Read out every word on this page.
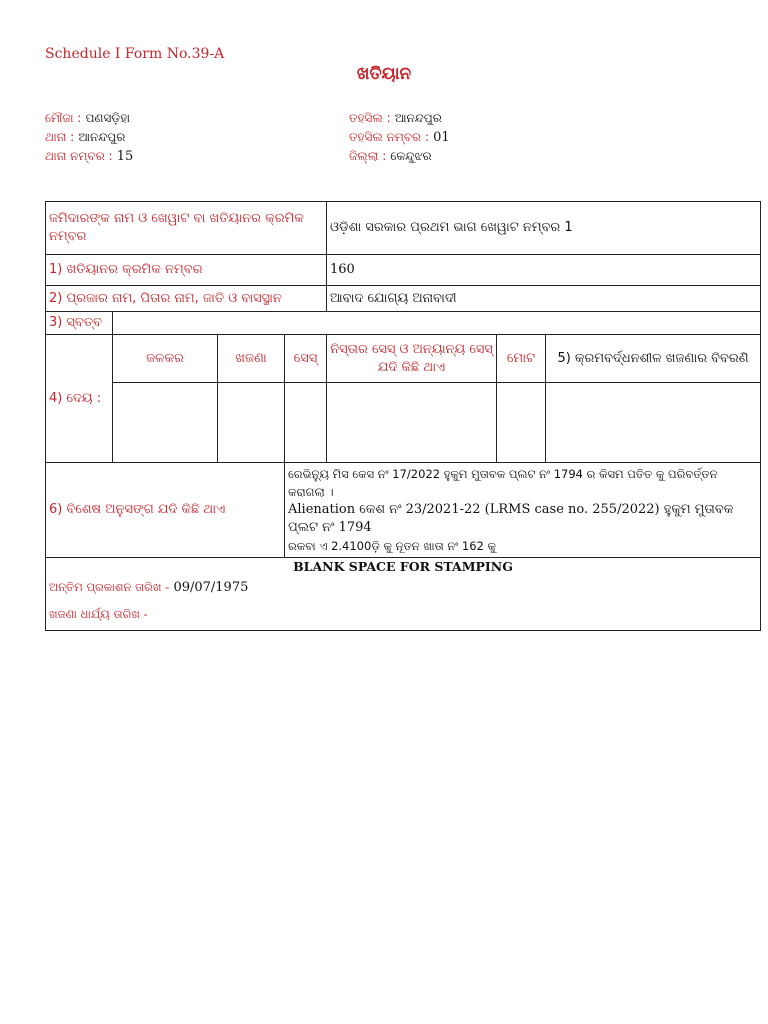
Schedule I Form No.39-A
ଖତିୟାନ
ମୌଜା : ପଣସଡ଼ିହା
ଥାନା : ଆନନ୍ଦପୁର
ଥାନା ନମ୍ବର : 15
ତହସିଲ : ଆନନ୍ଦପୁର
ତହସିଲ ନମ୍ବର : 01
ଜିଲ୍ଲା : କେନ୍ଦୁଝର
ଜମିଦାରଙ୍କ ନାମ ଓ ଖେୱାଟ ବା ଖତିୟାନର କ୍ରମିକ ନମ୍ବର				ଓଡ଼ିଶା ସରକାର ପ୍ରଥମ ଭାଗ ଖେୱାଟ ନମ୍ବର 1		
1) ଖତିୟାନର କ୍ରମିକ ନମ୍ବର				160		
2) ପ୍ରଜାର ନାମ, ପିତାର ନାମ, ଜାତି ଓ ବାସସ୍ଥାନ				ଆବାଦ ଯୋଗ୍ୟ ଅନାବାଦୀ		
3) ସ୍ବତ୍ବ						
4) ଦେୟ :	ଜଳକର	ଖଜଣା	ସେସ୍	ନିସ୍ତାର ସେସ୍ ଓ ଅନ୍ୟାନ୍ୟ ସେସ୍ ଯଦି କିଛି ଥାଏ	ମୋଟ	5) କ୍ରମବର୍ଦ୍ଧନଶୀଳ ଖଜଣାର ବିବରଣି

6) ବିଶେଷ ଅନୁସଙ୍ଗ ଯଦି କିଛି ଥାଏ			ରେଭିନ୍ୟୁ ମିସ କେସ ନଂ 17/2022 ହୁକୁମ ମୁତାବକ ପ୍ଲଟ ନଂ 1794 ର କିସମ ପତିତ କୁ ପରିବର୍ତ୍ତନ କରାଗଲା ।
Alienation କେଶ ନଂ 23/2021-22 (LRMS case no. 255/2022) ହୁକୁମ ମୁତାବକ ପ୍ଲଟ ନଂ 1794
ରକବା ଏ 2.4100ଡ଼ି କୁ ନୂତନ ଖାତା ନଂ 162 କୁ			

BLANK SPACE FOR STAMPING
ଅନ୍ତିମ ପ୍ରକାଶନ ତାରିଖ - 09/07/1975
ଖଜଣା ଧାର୍ଯ୍ୟ ତାରିଖ -						
